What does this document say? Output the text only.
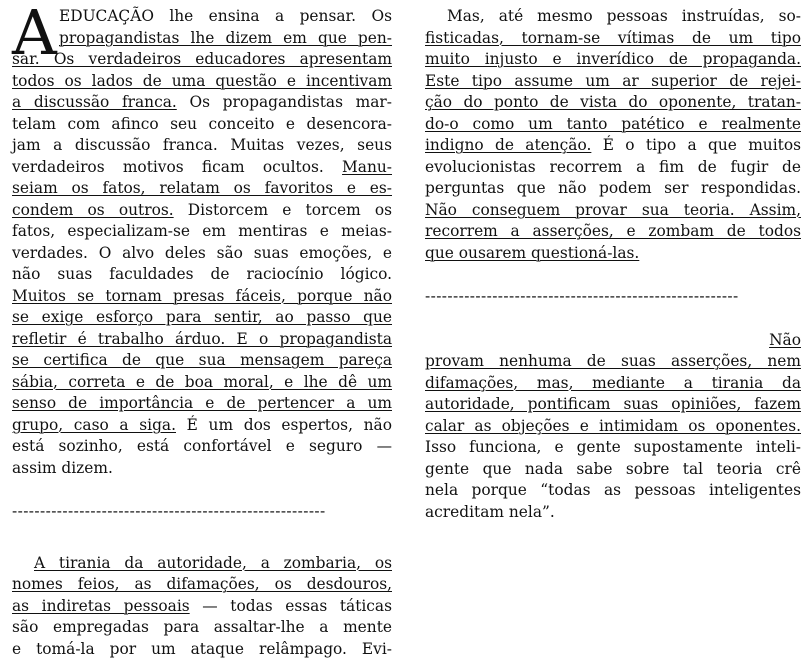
A EDUCAÇÃO lhe ensina a pensar. Os
propagandistas lhe dizem em que pen-
sar. Os verdadeiros educadores apresentam
todos os lados de uma questão e incentivam
a discussão franca. Os propagandistas mar-
telam com afinco seu conceito e desencora-
jam a discussão franca. Muitas vezes, seus
verdadeiros motivos ficam ocultos. Manu-
seiam os fatos, relatam os favoritos e es-
condem os outros. Distorcem e torcem os
fatos, especializam-se em mentiras e meias-
verdades. O alvo deles são suas emoções, e
não suas faculdades de raciocínio lógico.
Muitos se tornam presas fáceis, porque não
se exige esforço para sentir, ao passo que
refletir é trabalho árduo. E o propagandista
se certifica de que sua mensagem pareça
sábia, correta e de boa moral, e lhe dê um
senso de importância e de pertencer a um
grupo, caso a siga. É um dos espertos, não
está sozinho, está confortável e seguro —
assim dizem.
--------------------------------------------------------
A tirania da autoridade, a zombaria, os
nomes feios, as difamações, os desdouros,
as indiretas pessoais — todas essas táticas
são empregadas para assaltar-lhe a mente
e tomá-la por um ataque relâmpago. Evi-
Mas, até mesmo pessoas instruídas, so-
fisticadas, tornam-se vítimas de um tipo
muito injusto e inverídico de propaganda.
Este tipo assume um ar superior de rejei-
ção do ponto de vista do oponente, tratan-
do-o como um tanto patético e realmente
indigno de atenção. É o tipo a que muitos
evolucionistas recorrem a fim de fugir de
perguntas que não podem ser respondidas.
Não conseguem provar sua teoria. Assim,
recorrem a asserções, e zombam de todos
que ousarem questioná-las.
--------------------------------------------------------
Não
provam nenhuma de suas asserções, nem
difamações, mas, mediante a tirania da
autoridade, pontificam suas opiniões, fazem
calar as objeções e intimidam os oponentes.
Isso funciona, e gente supostamente inteli-
gente que nada sabe sobre tal teoria crê
nela porque “todas as pessoas inteligentes
acreditam nela”.
